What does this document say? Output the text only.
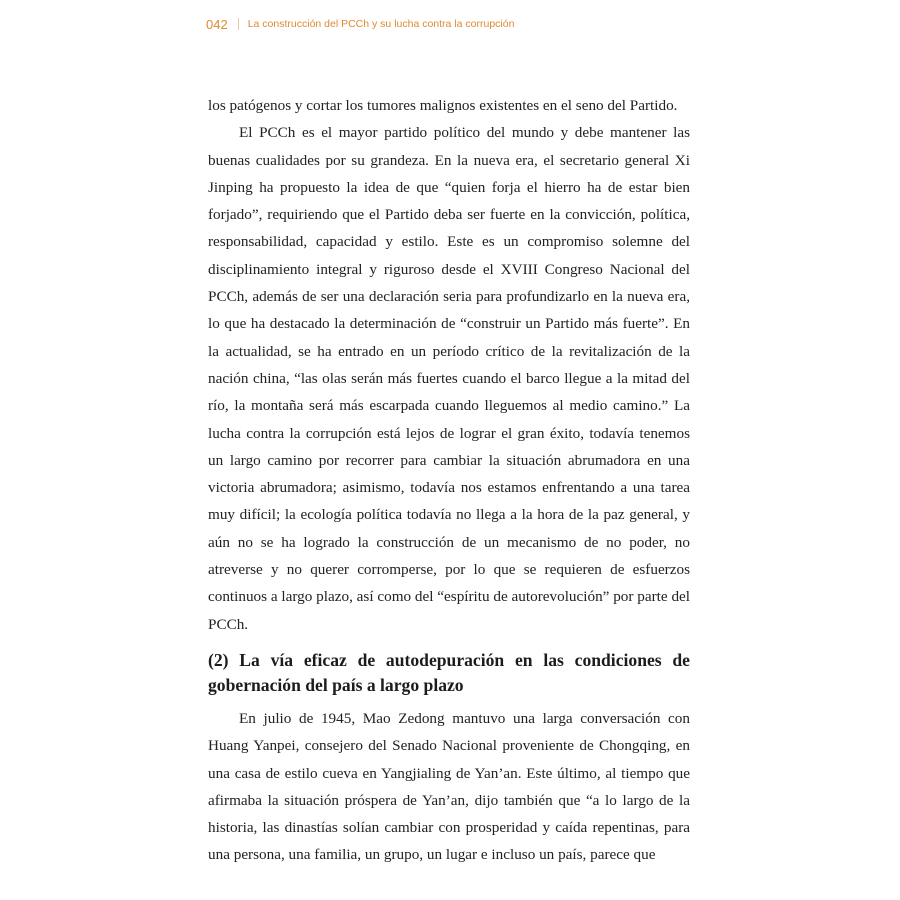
042 La construcción del PCCh y su lucha contra la corrupción

los patógenos y cortar los tumores malignos existentes en el seno del Partido.

El PCCh es el mayor partido político del mundo y debe mantener las buenas cualidades por su grandeza. En la nueva era, el secretario general Xi Jinping ha propuesto la idea de que “quien forja el hierro ha de estar bien forjado”, requiriendo que el Partido deba ser fuerte en la convicción, política, responsabilidad, capacidad y estilo. Este es un compromiso solemne del disciplinamiento integral y riguroso desde el XVIII Congreso Nacional del PCCh, además de ser una declaración seria para profundizarlo en la nueva era, lo que ha destacado la determinación de “construir un Partido más fuerte”. En la actualidad, se ha entrado en un período crítico de la revitalización de la nación china, “las olas serán más fuertes cuando el barco llegue a la mitad del río, la montaña será más escarpada cuando lleguemos al medio camino.” La lucha contra la corrupción está lejos de lograr el gran éxito, todavía tenemos un largo camino por recorrer para cambiar la situación abrumadora en una victoria abrumadora; asimismo, todavía nos estamos enfrentando a una tarea muy difícil; la ecología política todavía no llega a la hora de la paz general, y aún no se ha logrado la construcción de un mecanismo de no poder, no atreverse y no querer corromperse, por lo que se requieren de esfuerzos continuos a largo plazo, así como del “espíritu de autorevolución” por parte del PCCh.

(2) La vía eficaz de autodepuración en las condiciones de gobernación del país a largo plazo

En julio de 1945, Mao Zedong mantuvo una larga conversación con Huang Yanpei, consejero del Senado Nacional proveniente de Chongqing, en una casa de estilo cueva en Yangjialing de Yan’an. Este último, al tiempo que afirmaba la situación próspera de Yan’an, dijo también que “a lo largo de la historia, las dinastías solían cambiar con prosperidad y caída repentinas, para una persona, una familia, un grupo, un lugar e incluso un país, parece que
